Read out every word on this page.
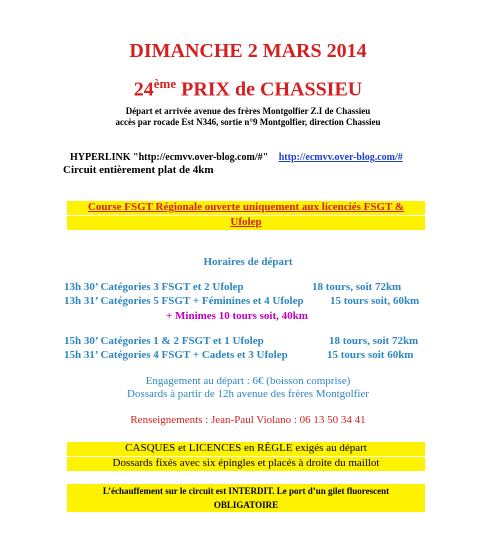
DIMANCHE 2 MARS 2014
24ème PRIX de CHASSIEU
Départ et arrivée avenue des frères Montgolfier Z.I de Chassieu
accès par rocade Est N346, sortie n°9 Montgolfier, direction Chassieu
HYPERLINK "http://ecmvv.over-blog.com/#" http://ecmvv.over-blog.com/#
Circuit entièrement plat de 4km
Course FSGT Régionale ouverte uniquement aux licenciés FSGT &
Ufolep
Horaires de départ
13h 30’ Catégories 3 FSGT et 2 Ufolep	18 tours, soit 72km
13h 31’ Catégories 5 FSGT + Féminines et 4 Ufolep 15 tours soit, 60km
+ Minimes 10 tours soit, 40km
15h 30’ Catégories 1 & 2 FSGT et 1 Ufolep	18 tours, soit 72km
15h 31’ Catégories 4 FSGT + Cadets et 3 Ufolep	15 tours soit 60km
Engagement au départ : 6€ (boisson comprise)
Dossards à partir de 12h avenue des frères Montgolfier
Renseignements : Jean-Paul Violano : 06 13 50 34 41
CASQUES et LICENCES en RÈGLE exigés au départ
Dossards fixés avec six épingles et placés à droite du maillot
L’échauffement sur le circuit est INTERDIT. Le port d’un gilet fluorescent
OBLIGATOIRE
